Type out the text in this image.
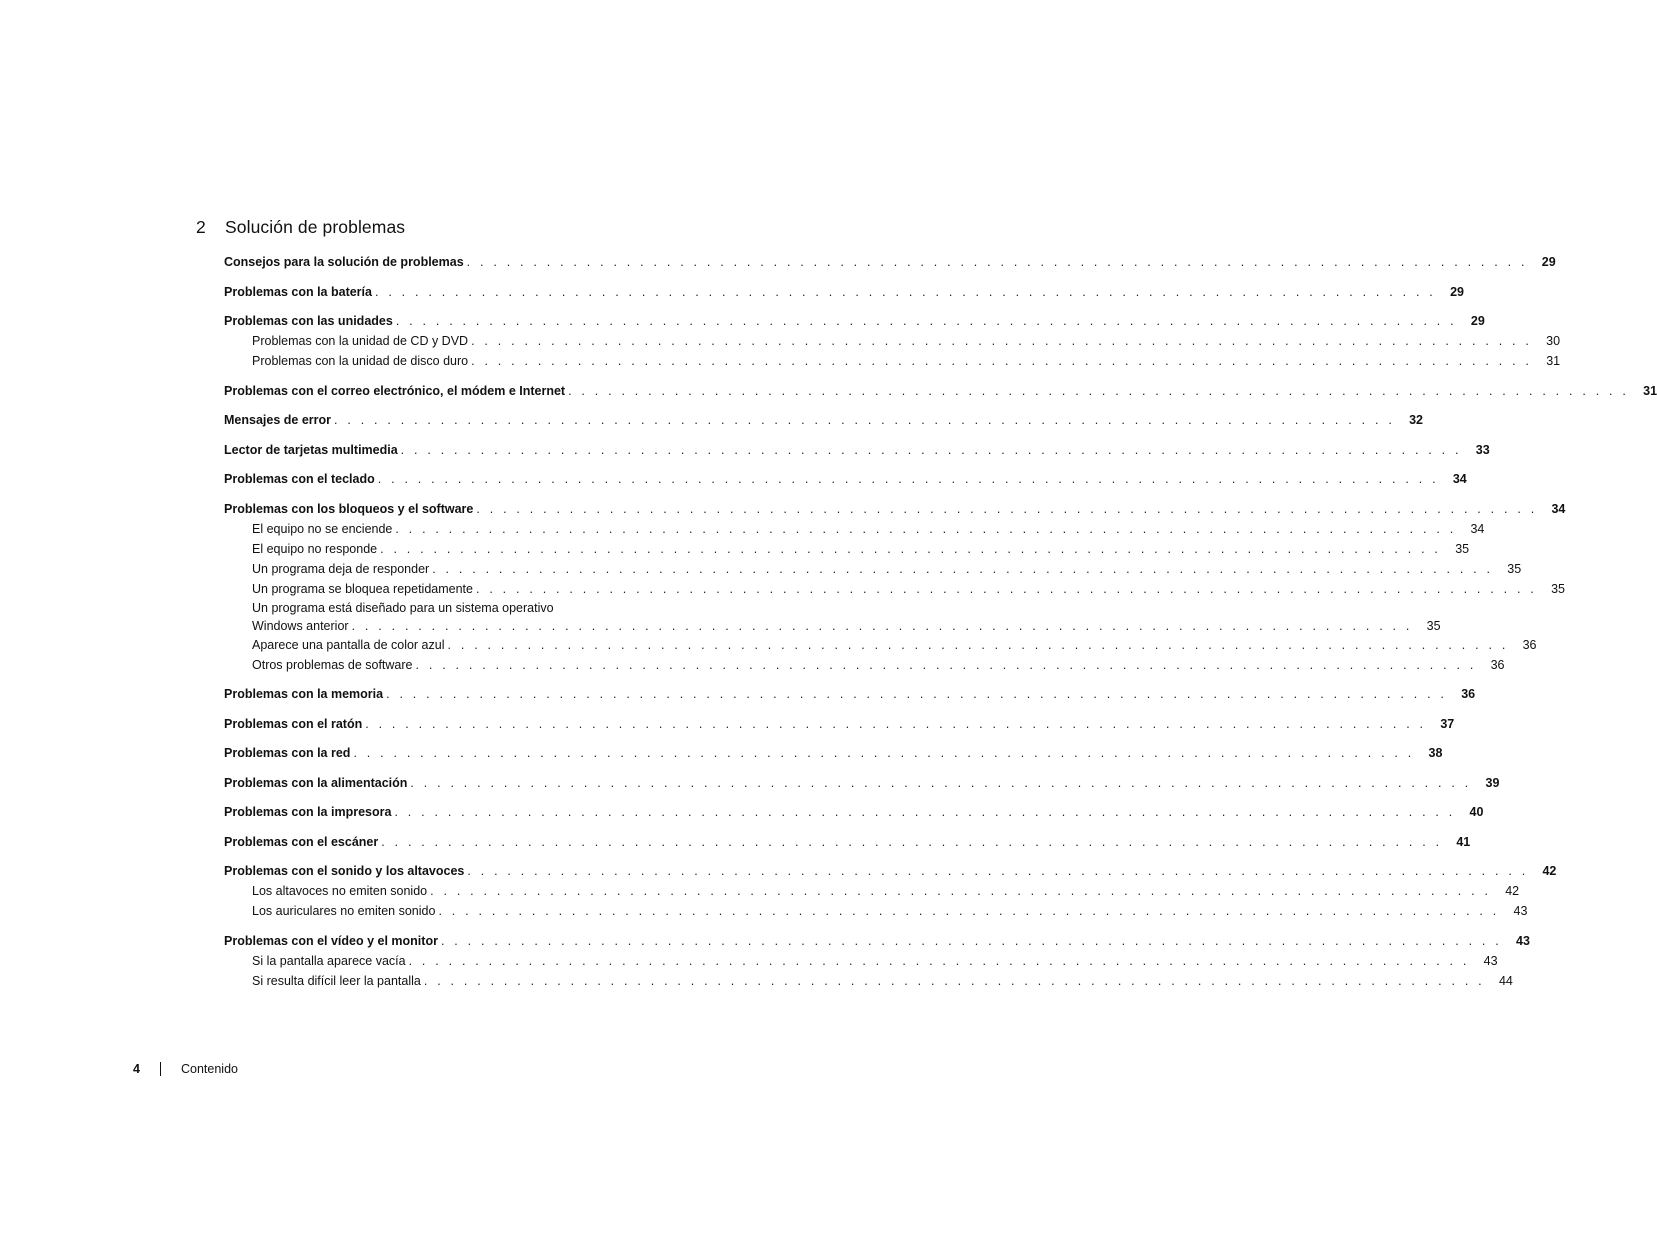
2	Solución de problemas
Consejos para la solución de problemas . . . . . . . . . . . . . . . . . . . . . . . . . . . . . . . . . . . . . . . . . . . . . . . . . . . . . . . . . . . . . . . . . . . . . . . . . . . . . . . . 29
Problemas con la batería . . . . . . . . . . . . . . . . . . . . . . . . . . . . . . . . . . . . . . . . . . . . . . . . . . . . . . . . . . . . . . . . . . . . . . . . . . . . . . . . 29
Problemas con las unidades . . . . . . . . . . . . . . . . . . . . . . . . . . . . . . . . . . . . . . . . . . . . . . . . . . . . . . . . . . . . . . . . . . . . . . . . . . . . . . . . 29
Problemas con la unidad de CD y DVD . . . . . . . . . . . . . . . . . . . . . . . . . . . . . . . . . . . . . . . . . . . . . . . . . . . . . . . . . . . . . . . . . . . . . . . . . . . . . . . . 30
Problemas con la unidad de disco duro . . . . . . . . . . . . . . . . . . . . . . . . . . . . . . . . . . . . . . . . . . . . . . . . . . . . . . . . . . . . . . . . . . . . . . . . . . . . . . . . 31
Problemas con el correo electrónico, el módem e Internet . . . . . . . . . . . . . . . . . . . . . . . . . . . . . . . . . . . . . . . . . . . . . . . . . . . . . . . . . . . . . . . . . . . . . . . . . . . . . . . . 31
Mensajes de error . . . . . . . . . . . . . . . . . . . . . . . . . . . . . . . . . . . . . . . . . . . . . . . . . . . . . . . . . . . . . . . . . . . . . . . . . . . . . . . . 32
Lector de tarjetas multimedia . . . . . . . . . . . . . . . . . . . . . . . . . . . . . . . . . . . . . . . . . . . . . . . . . . . . . . . . . . . . . . . . . . . . . . . . . . . . . . . . 33
Problemas con el teclado . . . . . . . . . . . . . . . . . . . . . . . . . . . . . . . . . . . . . . . . . . . . . . . . . . . . . . . . . . . . . . . . . . . . . . . . . . . . . . . . 34
Problemas con los bloqueos y el software . . . . . . . . . . . . . . . . . . . . . . . . . . . . . . . . . . . . . . . . . . . . . . . . . . . . . . . . . . . . . . . . . . . . . . . . . . . . . . . . 34
El equipo no se enciende . . . . . . . . . . . . . . . . . . . . . . . . . . . . . . . . . . . . . . . . . . . . . . . . . . . . . . . . . . . . . . . . . . . . . . . . . . . . . . . . 34
El equipo no responde . . . . . . . . . . . . . . . . . . . . . . . . . . . . . . . . . . . . . . . . . . . . . . . . . . . . . . . . . . . . . . . . . . . . . . . . . . . . . . . . 35
Un programa deja de responder . . . . . . . . . . . . . . . . . . . . . . . . . . . . . . . . . . . . . . . . . . . . . . . . . . . . . . . . . . . . . . . . . . . . . . . . . . . . . . . . 35
Un programa se bloquea repetidamente . . . . . . . . . . . . . . . . . . . . . . . . . . . . . . . . . . . . . . . . . . . . . . . . . . . . . . . . . . . . . . . . . . . . . . . . . . . . . . . . 35
Un programa está diseñado para un sistema operativo
Windows anterior . . . . . . . . . . . . . . . . . . . . . . . . . . . . . . . . . . . . . . . . . . . . . . . . . . . . . . . . . . . . . . . . . . . . . . . . . . . . . . . . 35
Aparece una pantalla de color azul . . . . . . . . . . . . . . . . . . . . . . . . . . . . . . . . . . . . . . . . . . . . . . . . . . . . . . . . . . . . . . . . . . . . . . . . . . . . . . . . 36
Otros problemas de software . . . . . . . . . . . . . . . . . . . . . . . . . . . . . . . . . . . . . . . . . . . . . . . . . . . . . . . . . . . . . . . . . . . . . . . . . . . . . . . . 36
Problemas con la memoria . . . . . . . . . . . . . . . . . . . . . . . . . . . . . . . . . . . . . . . . . . . . . . . . . . . . . . . . . . . . . . . . . . . . . . . . . . . . . . . . 36
Problemas con el ratón . . . . . . . . . . . . . . . . . . . . . . . . . . . . . . . . . . . . . . . . . . . . . . . . . . . . . . . . . . . . . . . . . . . . . . . . . . . . . . . . 37
Problemas con la red . . . . . . . . . . . . . . . . . . . . . . . . . . . . . . . . . . . . . . . . . . . . . . . . . . . . . . . . . . . . . . . . . . . . . . . . . . . . . . . . 38
Problemas con la alimentación . . . . . . . . . . . . . . . . . . . . . . . . . . . . . . . . . . . . . . . . . . . . . . . . . . . . . . . . . . . . . . . . . . . . . . . . . . . . . . . . 39
Problemas con la impresora . . . . . . . . . . . . . . . . . . . . . . . . . . . . . . . . . . . . . . . . . . . . . . . . . . . . . . . . . . . . . . . . . . . . . . . . . . . . . . . . 40
Problemas con el escáner . . . . . . . . . . . . . . . . . . . . . . . . . . . . . . . . . . . . . . . . . . . . . . . . . . . . . . . . . . . . . . . . . . . . . . . . . . . . . . . . 41
Problemas con el sonido y los altavoces . . . . . . . . . . . . . . . . . . . . . . . . . . . . . . . . . . . . . . . . . . . . . . . . . . . . . . . . . . . . . . . . . . . . . . . . . . . . . . . . 42
Los altavoces no emiten sonido . . . . . . . . . . . . . . . . . . . . . . . . . . . . . . . . . . . . . . . . . . . . . . . . . . . . . . . . . . . . . . . . . . . . . . . . . . . . . . . . 42
Los auriculares no emiten sonido . . . . . . . . . . . . . . . . . . . . . . . . . . . . . . . . . . . . . . . . . . . . . . . . . . . . . . . . . . . . . . . . . . . . . . . . . . . . . . . . 43
Problemas con el vídeo y el monitor . . . . . . . . . . . . . . . . . . . . . . . . . . . . . . . . . . . . . . . . . . . . . . . . . . . . . . . . . . . . . . . . . . . . . . . . . . . . . . . . 43
Si la pantalla aparece vacía . . . . . . . . . . . . . . . . . . . . . . . . . . . . . . . . . . . . . . . . . . . . . . . . . . . . . . . . . . . . . . . . . . . . . . . . . . . . . . . . 43
Si resulta difícil leer la pantalla . . . . . . . . . . . . . . . . . . . . . . . . . . . . . . . . . . . . . . . . . . . . . . . . . . . . . . . . . . . . . . . . . . . . . . . . . . . . . . . . 44
4	Contenido
